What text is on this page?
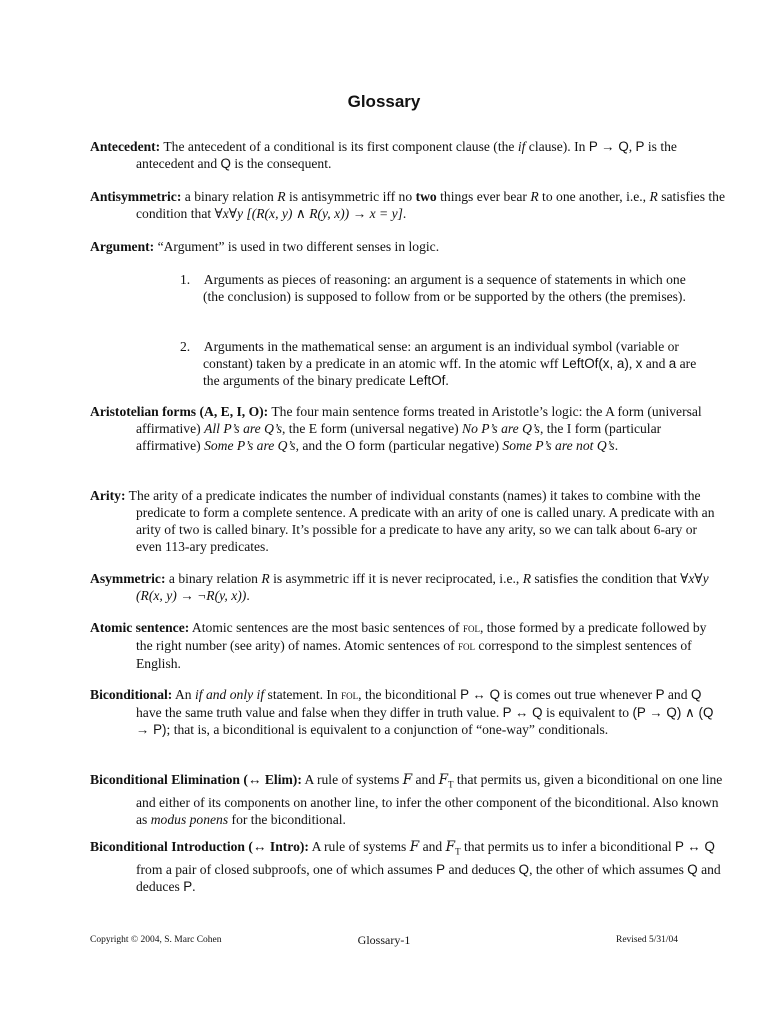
Glossary
Antecedent: The antecedent of a conditional is its first component clause (the if clause). In P → Q, P is the antecedent and Q is the consequent.
Antisymmetric: a binary relation R is antisymmetric iff no two things ever bear R to one another, i.e., R satisfies the condition that ∀x∀y [(R(x, y) ∧ R(y, x)) → x = y].
Argument: “Argument” is used in two different senses in logic.
1. Arguments as pieces of reasoning: an argument is a sequence of statements in which one (the conclusion) is supposed to follow from or be supported by the others (the premises).
2. Arguments in the mathematical sense: an argument is an individual symbol (variable or constant) taken by a predicate in an atomic wff. In the atomic wff LeftOf(x, a), x and a are the arguments of the binary predicate LeftOf.
Aristotelian forms (A, E, I, O): The four main sentence forms treated in Aristotle’s logic: the A form (universal affirmative) All P’s are Q’s, the E form (universal negative) No P’s are Q’s, the I form (particular affirmative) Some P’s are Q’s, and the O form (particular negative) Some P’s are not Q’s.
Arity: The arity of a predicate indicates the number of individual constants (names) it takes to combine with the predicate to form a complete sentence. A predicate with an arity of one is called unary. A predicate with an arity of two is called binary. It’s possible for a predicate to have any arity, so we can talk about 6-ary or even 113-ary predicates.
Asymmetric: a binary relation R is asymmetric iff it is never reciprocated, i.e., R satisfies the condition that ∀x∀y (R(x, y) → ¬R(y, x)).
Atomic sentence: Atomic sentences are the most basic sentences of fol, those formed by a predicate followed by the right number (see arity) of names. Atomic sentences of fol correspond to the simplest sentences of English.
Biconditional: An if and only if statement. In fol, the biconditional P ↔ Q is comes out true whenever P and Q have the same truth value and false when they differ in truth value. P ↔ Q is equivalent to (P → Q) ∧ (Q → P); that is, a biconditional is equivalent to a conjunction of “one-way” conditionals.
Biconditional Elimination (↔ Elim): A rule of systems F and $F_T$ that permits us, given a biconditional on one line and either of its components on another line, to infer the other component of the biconditional. Also known as modus ponens for the biconditional.
Biconditional Introduction (↔ Intro): A rule of systems F and $F_T$ that permits us to infer a biconditional P ↔ Q from a pair of closed subproofs, one of which assumes P and deduces Q, the other of which assumes Q and deduces P.
Copyright © 2004, S. Marc Cohen	Glossary-1	Revised 5/31/04
